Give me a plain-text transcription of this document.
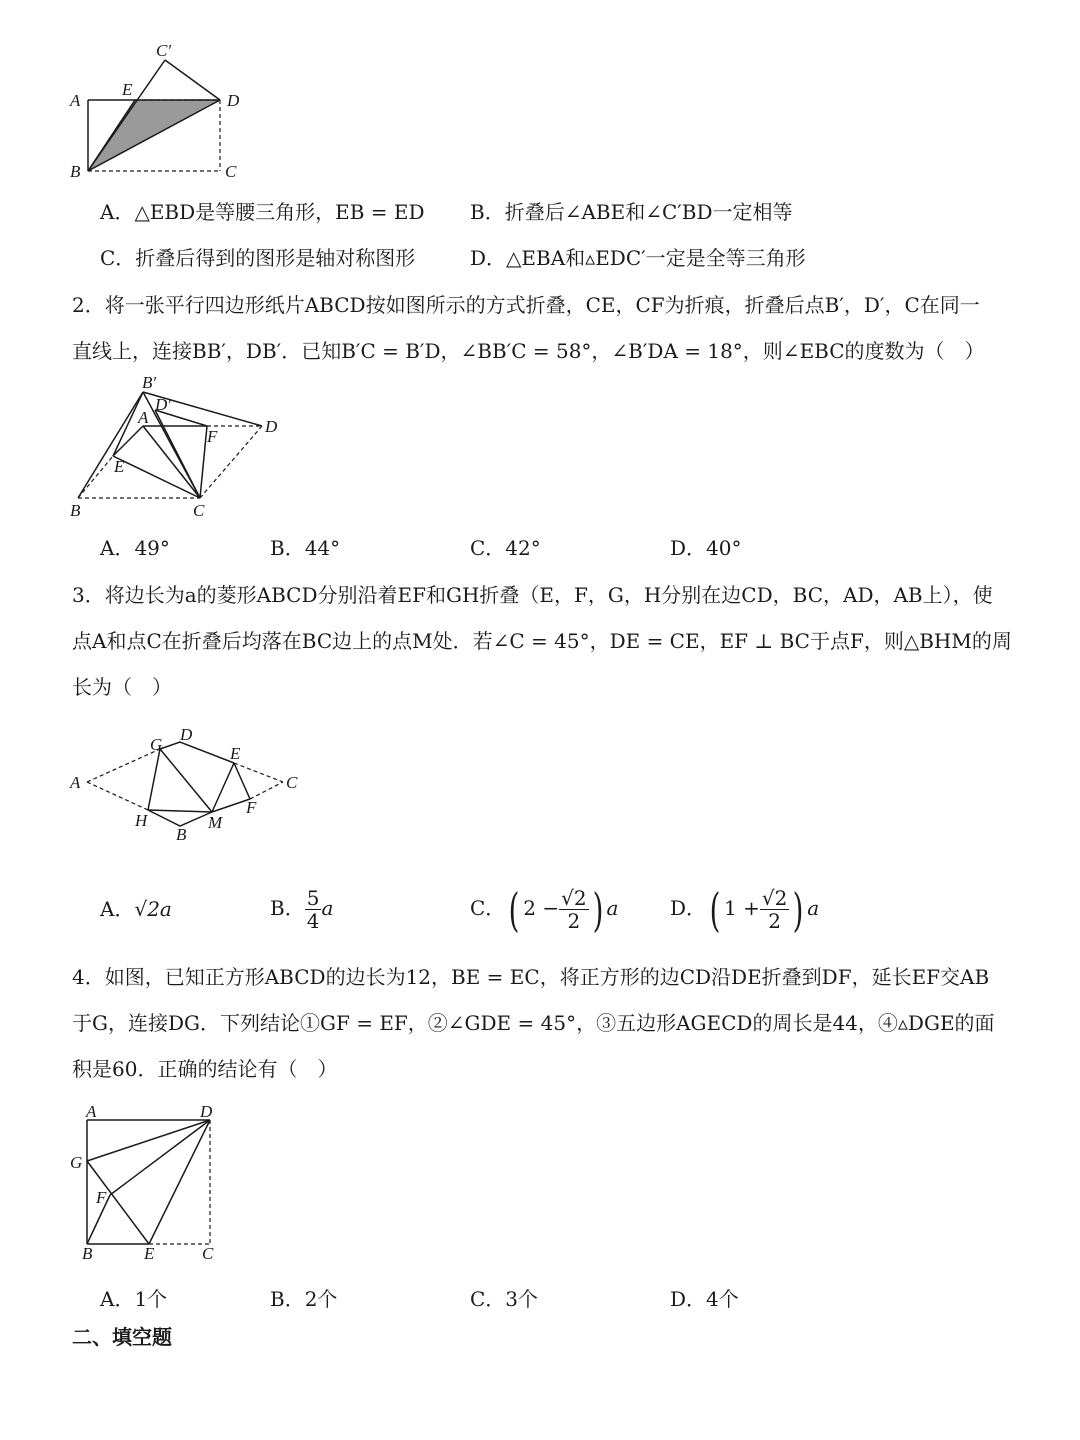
C′
A
E
D
B	C
A．△EBD是等腰三角形，EB = ED B．折叠后∠ABE和∠C′BD一定相等
C．折叠后得到的图形是轴对称图形	D．△EBA和▵EDC′一定是全等三角形
2．将一张平行四边形纸片ABCD按如图所示的方式折叠，CE，CF为折痕，折叠后点B′，D′，C在同一
直线上，连接BB′，DB′．已知B′C = B′D，∠BB′C = 58°，∠B′DA = 18°，则∠EBC的度数为（　）
B′
D′
A
F
D
E
B	C
A．49°	B．44°	C．42°	D．40°
3．将边长为a的菱形ABCD分别沿着EF和GH折叠（E，F，G，H分别在边CD，BC，AD，AB上），使
点A和点C在折叠后均落在BC边上的点M处．若∠C = 45°，DE = CE，EF ⊥ BC于点F，则△BHM的周
长为（　）
G
D
E
A	C
F
H	M
B
A．√2a	B． $\frac{5}{4}$ a	C．( $2 - \frac{√2}{2}$ ) a	D．( $1 + \frac{√2}{2}$ ) a
4．如图，已知正方形ABCD的边长为12，BE = EC，将正方形的边CD沿DE折叠到DF，延长EF交AB
于G，连接DG．下列结论①GF = EF，②∠GDE = 45°，③五边形AGECD的周长是44，④▵DGE的面
积是60．正确的结论有（　）
A	D
G
F
B	E	C
A．1个	B．2个	C．3个	D．4个
二、填空题
